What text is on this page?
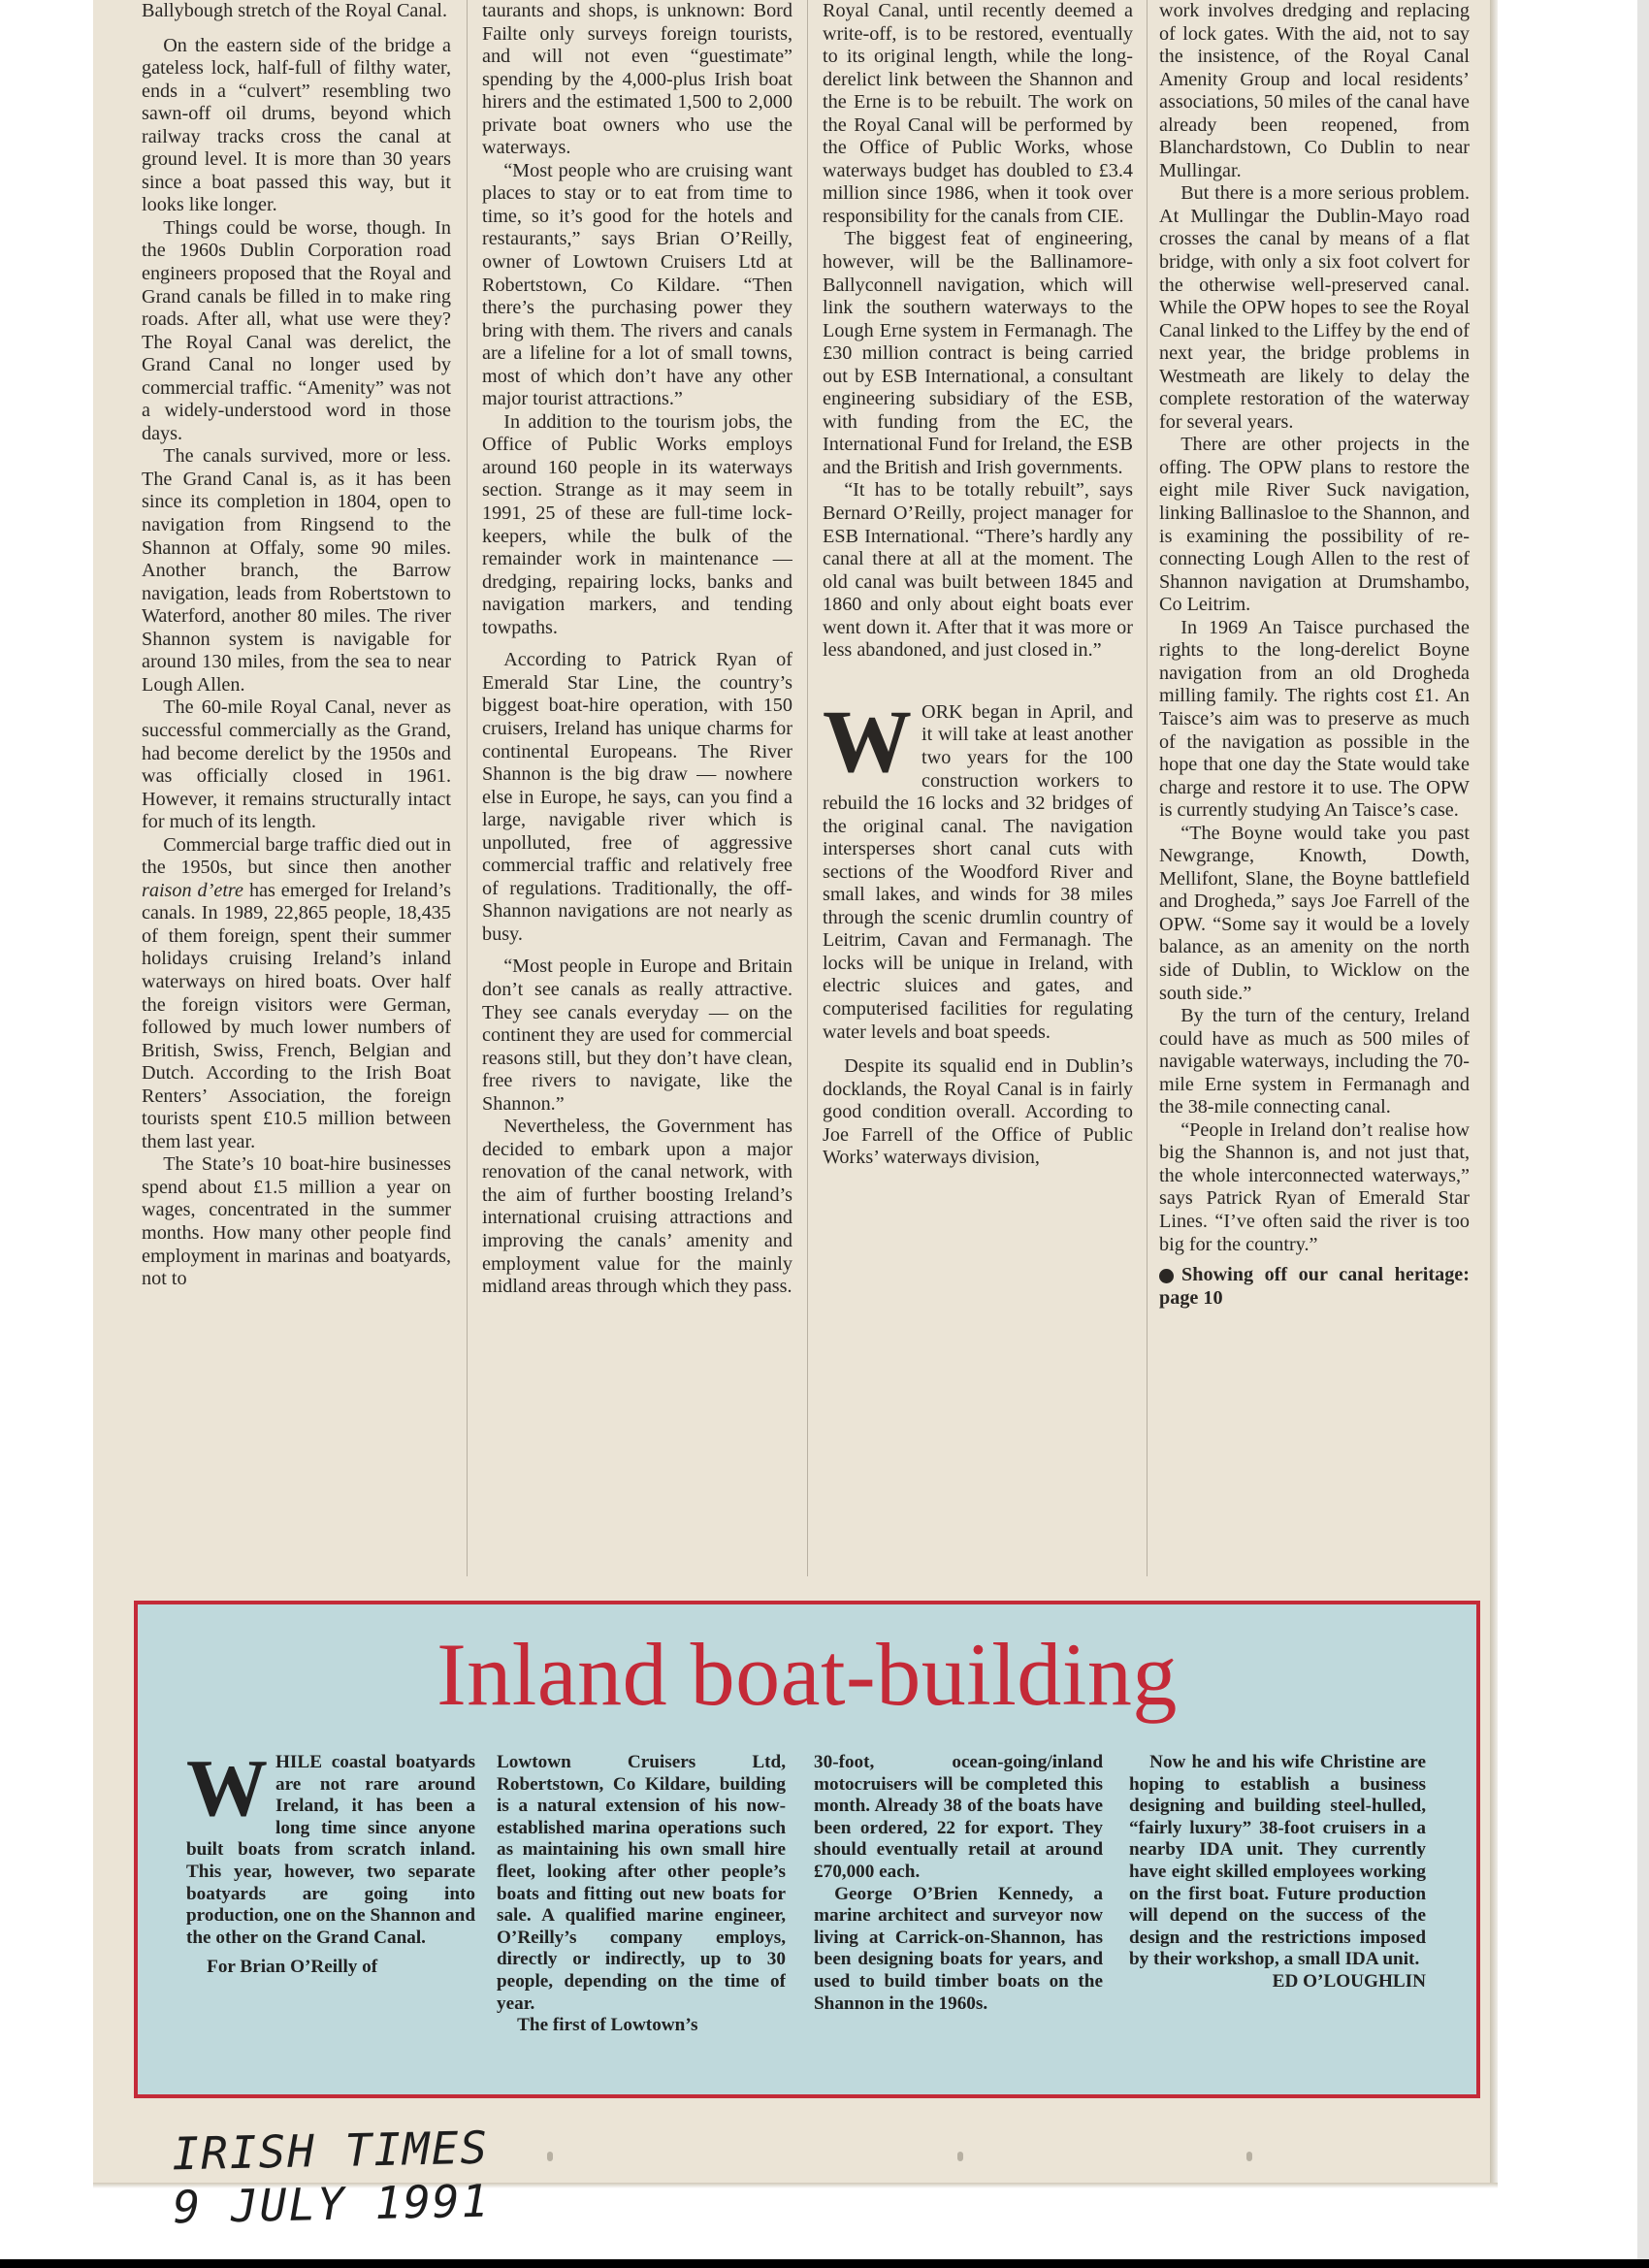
Ballybough stretch of the Royal Canal.

On the eastern side of the bridge a gateless lock, half-full of filthy water, ends in a “culvert” resembling two sawn-off oil drums, beyond which railway tracks cross the canal at ground level. It is more than 30 years since a boat passed this way, but it looks like longer.

Things could be worse, though. In the 1960s Dublin Corporation road engineers proposed that the Royal and Grand canals be filled in to make ring roads. After all, what use were they? The Royal Canal was derelict, the Grand Canal no longer used by commercial traffic. “Amenity” was not a widely-understood word in those days.

The canals survived, more or less. The Grand Canal is, as it has been since its completion in 1804, open to navigation from Ringsend to the Shannon at Offaly, some 90 miles. Another branch, the Barrow navigation, leads from Robertstown to Waterford, another 80 miles. The river Shannon system is navigable for around 130 miles, from the sea to near Lough Allen.

The 60-mile Royal Canal, never as successful commercially as the Grand, had become derelict by the 1950s and was officially closed in 1961. However, it remains structurally intact for much of its length.

Commercial barge traffic died out in the 1950s, but since then another raison d’etre has emerged for Ireland’s canals. In 1989, 22,865 people, 18,435 of them foreign, spent their summer holidays cruising Ireland’s inland waterways on hired boats. Over half the foreign visitors were German, followed by much lower numbers of British, Swiss, French, Belgian and Dutch. According to the Irish Boat Renters’ Association, the foreign tourists spent £10.5 million between them last year.

The State’s 10 boat-hire businesses spend about £1.5 million a year on wages, concentrated in the summer months. How many other people find employment in marinas and boatyards, not to

taurants and shops, is unknown: Bord Failte only surveys foreign tourists, and will not even “guestimate” spending by the 4,000-plus Irish boat hirers and the estimated 1,500 to 2,000 private boat owners who use the waterways.

“Most people who are cruising want places to stay or to eat from time to time, so it’s good for the hotels and restaurants,” says Brian O’Reilly, owner of Lowtown Cruisers Ltd at Robertstown, Co Kildare. “Then there’s the purchasing power they bring with them. The rivers and canals are a lifeline for a lot of small towns, most of which don’t have any other major tourist attractions.”

In addition to the tourism jobs, the Office of Public Works employs around 160 people in its waterways section. Strange as it may seem in 1991, 25 of these are full-time lock-keepers, while the bulk of the remainder work in maintenance — dredging, repairing locks, banks and navigation markers, and tending towpaths.

According to Patrick Ryan of Emerald Star Line, the country’s biggest boat-hire operation, with 150 cruisers, Ireland has unique charms for continental Europeans. The River Shannon is the big draw — nowhere else in Europe, he says, can you find a large, navigable river which is unpolluted, free of aggressive commercial traffic and relatively free of regulations. Traditionally, the off-Shannon navigations are not nearly as busy.

“Most people in Europe and Britain don’t see canals as really attractive. They see canals everyday — on the continent they are used for commercial reasons still, but they don’t have clean, free rivers to navigate, like the Shannon.”

Nevertheless, the Government has decided to embark upon a major renovation of the canal network, with the aim of further boosting Ireland’s international cruising attractions and improving the canals’ amenity and employment value for the mainly midland areas through which they pass.

Royal Canal, until recently deemed a write-off, is to be restored, eventually to its original length, while the long-derelict link between the Shannon and the Erne is to be rebuilt. The work on the Royal Canal will be performed by the Office of Public Works, whose waterways budget has doubled to £3.4 million since 1986, when it took over responsibility for the canals from CIE.

The biggest feat of engineering, however, will be the Ballinamore-Ballyconnell navigation, which will link the southern waterways to the Lough Erne system in Fermanagh. The £30 million contract is being carried out by ESB International, a consultant engineering subsidiary of the ESB, with funding from the EC, the International Fund for Ireland, the ESB and the British and Irish governments.

“It has to be totally rebuilt”, says Bernard O’Reilly, project manager for ESB International. “There’s hardly any canal there at all at the moment. The old canal was built between 1845 and 1860 and only about eight boats ever went down it. After that it was more or less abandoned, and just closed in.”

WORK began in April, and it will take at least another two years for the 100 construction workers to rebuild the 16 locks and 32 bridges of the original canal. The navigation intersperses short canal cuts with sections of the Woodford River and small lakes, and winds for 38 miles through the scenic drumlin country of Leitrim, Cavan and Fermanagh. The locks will be unique in Ireland, with electric sluices and gates, and computerised facilities for regulating water levels and boat speeds.

Despite its squalid end in Dublin’s docklands, the Royal Canal is in fairly good condition overall. According to Joe Farrell of the Office of Public Works’ waterways division,

work involves dredging and replacing of lock gates. With the aid, not to say the insistence, of the Royal Canal Amenity Group and local residents’ associations, 50 miles of the canal have already been reopened, from Blanchardstown, Co Dublin to near Mullingar.

But there is a more serious problem. At Mullingar the Dublin-Mayo road crosses the canal by means of a flat bridge, with only a six foot colvert for the otherwise well-preserved canal. While the OPW hopes to see the Royal Canal linked to the Liffey by the end of next year, the bridge problems in Westmeath are likely to delay the complete restoration of the waterway for several years.

There are other projects in the offing. The OPW plans to restore the eight mile River Suck navigation, linking Ballinasloe to the Shannon, and is examining the possibility of re-connecting Lough Allen to the rest of Shannon navigation at Drumshambo, Co Leitrim.

In 1969 An Taisce purchased the rights to the long-derelict Boyne navigation from an old Drogheda milling family. The rights cost £1. An Taisce’s aim was to preserve as much of the navigation as possible in the hope that one day the State would take charge and restore it to use. The OPW is currently studying An Taisce’s case.

“The Boyne would take you past Newgrange, Knowth, Dowth, Mellifont, Slane, the Boyne battlefield and Drogheda,” says Joe Farrell of the OPW. “Some say it would be a lovely balance, as an amenity on the north side of Dublin, to Wicklow on the south side.”

By the turn of the century, Ireland could have as much as 500 miles of navigable waterways, including the 70-mile Erne system in Fermanagh and the 38-mile connecting canal.

“People in Ireland don’t realise how big the Shannon is, and not just that, the whole interconnected waterways,” says Patrick Ryan of Emerald Star Lines. “I’ve often said the river is too big for the country.”

Showing off our canal heritage: page 10

Inland boat-building

WHILE coastal boatyards are not rare around Ireland, it has been a long time since anyone built boats from scratch inland. This year, however, two separate boatyards are going into production, one on the Shannon and the other on the Grand Canal.

For Brian O’Reilly of

Lowtown Cruisers Ltd, Robertstown, Co Kildare, building is a natural extension of his now-established marina operations such as maintaining his own small hire fleet, looking after other people’s boats and fitting out new boats for sale. A qualified marine engineer, O’Reilly’s company employs, directly or indirectly, up to 30 people, depending on the time of year.

The first of Lowtown’s

30-foot, ocean-going/inland motocruisers will be completed this month. Already 38 of the boats have been ordered, 22 for export. They should eventually retail at around £70,000 each.

George O’Brien Kennedy, a marine architect and surveyor now living at Carrick-on-Shannon, has been designing boats for years, and used to build timber boats on the Shannon in the 1960s.

Now he and his wife Christine are hoping to establish a business designing and building steel-hulled, “fairly luxury” 38-foot cruisers in a nearby IDA unit. They currently have eight skilled employees working on the first boat. Future production will depend on the success of the design and the restrictions imposed by their workshop, a small IDA unit.

ED O’LOUGHLIN

IRISH TIMES
9 JULY 1991
